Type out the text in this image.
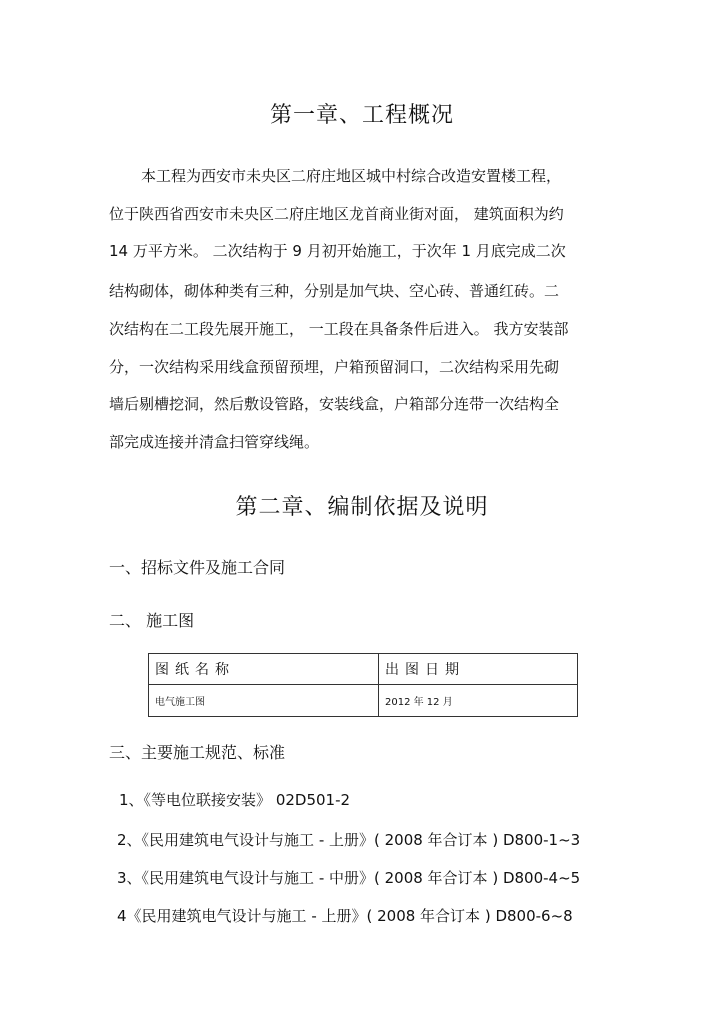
第一章、工程概况

本工程为西安市未央区二府庄地区城中村综合改造安置楼工程，

位于陕西省西安市未央区二府庄地区龙首商业街对面， 建筑面积为约

14 万平方米。 二次结构于 9 月初开始施工，于次年 1 月底完成二次

结构砌体，砌体种类有三种，分别是加气块、空心砖、普通红砖。二

次结构在二工段先展开施工， 一工段在具备条件后进入。 我方安装部

分，一次结构采用线盒预留预埋，户箱预留洞口，二次结构采用先砌

墙后剔槽挖洞，然后敷设管路，安装线盒，户箱部分连带一次结构全

部完成连接并清盒扫管穿线绳。

第二章、编制依据及说明
一、招标文件及施工合同
二、 施工图
图纸名称	出图日期
电气施工图	2012 年 12 月
三、主要施工规范、标准

1、《等电位联接安装》 02D501-2

2、《民用建筑电气设计与施工 - 上册》( 2008 年合订本 ) D800-1~3

3、《民用建筑电气设计与施工 - 中册》( 2008 年合订本 ) D800-4~5

4《民用建筑电气设计与施工 - 上册》( 2008 年合订本 ) D800-6~8
